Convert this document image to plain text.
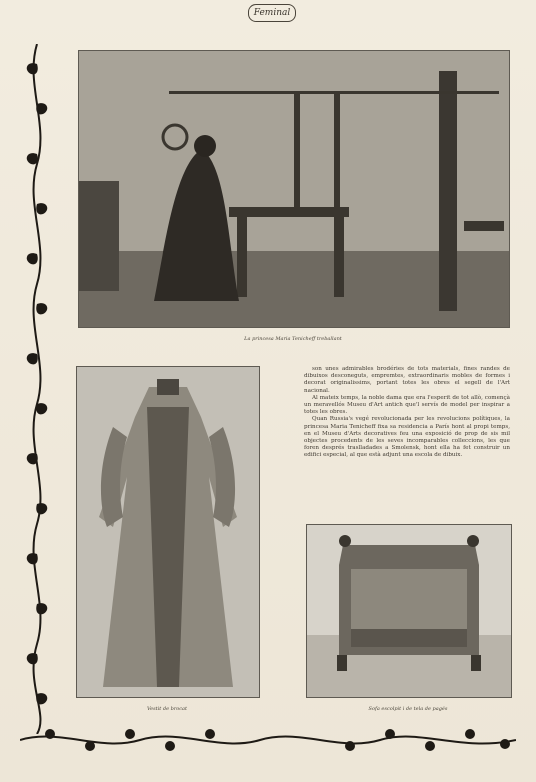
Feminal
La princesa Maria Tenicheff treballant
Vestit de brocat

son unes admirables brodéries de tots materials, fines randes de dibuixos desconeguts, empremtes, extraordinaris mobles de formes i decorat originalissims, portant totes les obres el segell de l'Art nacional.

Al mateix temps, la noble dama que era l'esperit de tot allò, començà un meravellós Museu d'Art antich que'l servís de model per inspirar a totes les obres.

Quan Russia's vegé revolucionada per les revolucions polítiques, la princesa Maria Tenicheff fixa sa residencia a París hont al propi temps, en el Museu d'Arts decoratives feu una exposició de prop de sis mil objectes procedents de les seves incomparables colleccions, les que foren després traslladades a Smolensk, hont ella ha fet construir un edifici especial, al que està adjunt una escola de dibuix.

Sofa escolpit i de tela de pagés
